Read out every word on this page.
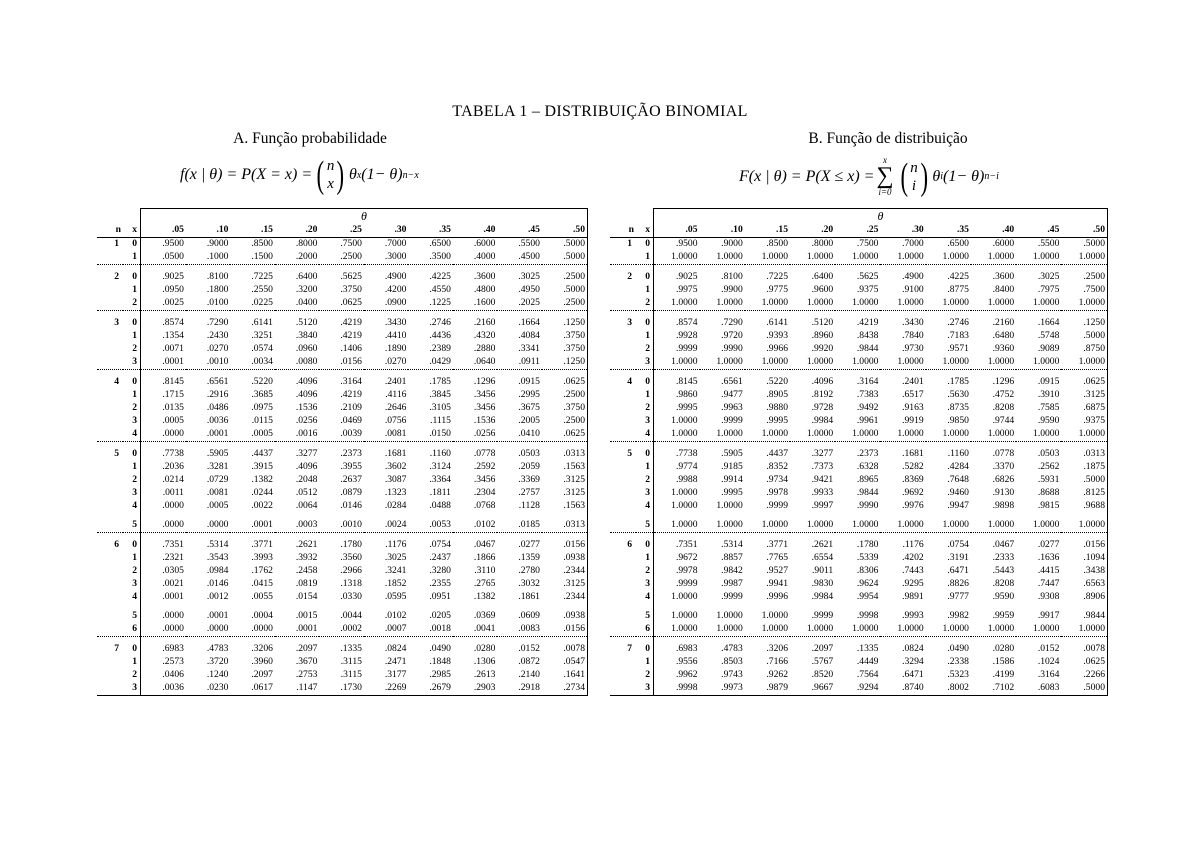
TABELA 1 – DISTRIBUIÇÃO BINOMIAL
A. Função probabilidade	B. Função de distribuição
f(x | θ) = P(X = x) = ( n
x ) θ x (1− θ) n−x	F(x | θ) = P(X ≤ x) =
x
∑
i=0 ( n
i ) θ i (1− θ) n−i
		θ									
n	x	.05	.10	.15	.20	.25	.30	.35	.40	.45	.50
1	0	.9500	.9000	.8500	.8000	.7500	.7000	.6500	.6000	.5500	.5000
	1	.0500	.1000	.1500	.2000	.2500	.3000	.3500	.4000	.4500	.5000

2	0	.9025	.8100	.7225	.6400	.5625	.4900	.4225	.3600	.3025	.2500
	1	.0950	.1800	.2550	.3200	.3750	.4200	.4550	.4800	.4950	.5000
	2	.0025	.0100	.0225	.0400	.0625	.0900	.1225	.1600	.2025	.2500

3	0	.8574	.7290	.6141	.5120	.4219	.3430	.2746	.2160	.1664	.1250
	1	.1354	.2430	.3251	.3840	.4219	.4410	.4436	.4320	.4084	.3750
	2	.0071	.0270	.0574	.0960	.1406	.1890	.2389	.2880	.3341	.3750
	3	.0001	.0010	.0034	.0080	.0156	.0270	.0429	.0640	.0911	.1250

4	0	.8145	.6561	.5220	.4096	.3164	.2401	.1785	.1296	.0915	.0625
	1	.1715	.2916	.3685	.4096	.4219	.4116	.3845	.3456	.2995	.2500
	2	.0135	.0486	.0975	.1536	.2109	.2646	.3105	.3456	.3675	.3750
	3	.0005	.0036	.0115	.0256	.0469	.0756	.1115	.1536	.2005	.2500
	4	.0000	.0001	.0005	.0016	.0039	.0081	.0150	.0256	.0410	.0625

5	0	.7738	.5905	.4437	.3277	.2373	.1681	.1160	.0778	.0503	.0313
	1	.2036	.3281	.3915	.4096	.3955	.3602	.3124	.2592	.2059	.1563
	2	.0214	.0729	.1382	.2048	.2637	.3087	.3364	.3456	.3369	.3125
	3	.0011	.0081	.0244	.0512	.0879	.1323	.1811	.2304	.2757	.3125
	4	.0000	.0005	.0022	.0064	.0146	.0284	.0488	.0768	.1128	.1563

	5	.0000	.0000	.0001	.0003	.0010	.0024	.0053	.0102	.0185	.0313

6	0	.7351	.5314	.3771	.2621	.1780	.1176	.0754	.0467	.0277	.0156
	1	.2321	.3543	.3993	.3932	.3560	.3025	.2437	.1866	.1359	.0938
	2	.0305	.0984	.1762	.2458	.2966	.3241	.3280	.3110	.2780	.2344
	3	.0021	.0146	.0415	.0819	.1318	.1852	.2355	.2765	.3032	.3125
	4	.0001	.0012	.0055	.0154	.0330	.0595	.0951	.1382	.1861	.2344

	5	.0000	.0001	.0004	.0015	.0044	.0102	.0205	.0369	.0609	.0938
	6	.0000	.0000	.0000	.0001	.0002	.0007	.0018	.0041	.0083	.0156

7	0	.6983	.4783	.3206	.2097	.1335	.0824	.0490	.0280	.0152	.0078
	1	.2573	.3720	.3960	.3670	.3115	.2471	.1848	.1306	.0872	.0547
	2	.0406	.1240	.2097	.2753	.3115	.3177	.2985	.2613	.2140	.1641
	3	.0036	.0230	.0617	.1147	.1730	.2269	.2679	.2903	.2918	.2734
		θ									
n	x	.05	.10	.15	.20	.25	.30	.35	.40	.45	.50
1	0	.9500	.9000	.8500	.8000	.7500	.7000	.6500	.6000	.5500	.5000
	1	1.0000	1.0000	1.0000	1.0000	1.0000	1.0000	1.0000	1.0000	1.0000	1.0000

2	0	.9025	.8100	.7225	.6400	.5625	.4900	.4225	.3600	.3025	.2500
	1	.9975	.9900	.9775	.9600	.9375	.9100	.8775	.8400	.7975	.7500
	2	1.0000	1.0000	1.0000	1.0000	1.0000	1.0000	1.0000	1.0000	1.0000	1.0000

3	0	.8574	.7290	.6141	.5120	.4219	.3430	.2746	.2160	.1664	.1250
	1	.9928	.9720	.9393	.8960	.8438	.7840	.7183	.6480	.5748	.5000
	2	.9999	.9990	.9966	.9920	.9844	.9730	.9571	.9360	.9089	.8750
	3	1.0000	1.0000	1.0000	1.0000	1.0000	1.0000	1.0000	1.0000	1.0000	1.0000

4	0	.8145	.6561	.5220	.4096	.3164	.2401	.1785	.1296	.0915	.0625
	1	.9860	.9477	.8905	.8192	.7383	.6517	.5630	.4752	.3910	.3125
	2	.9995	.9963	.9880	.9728	.9492	.9163	.8735	.8208	.7585	.6875
	3	1.0000	.9999	.9995	.9984	.9961	.9919	.9850	.9744	.9590	.9375
	4	1.0000	1.0000	1.0000	1.0000	1.0000	1.0000	1.0000	1.0000	1.0000	1.0000

5	0	.7738	.5905	.4437	.3277	.2373	.1681	.1160	.0778	.0503	.0313
	1	.9774	.9185	.8352	.7373	.6328	.5282	.4284	.3370	.2562	.1875
	2	.9988	.9914	.9734	.9421	.8965	.8369	.7648	.6826	.5931	.5000
	3	1.0000	.9995	.9978	.9933	.9844	.9692	.9460	.9130	.8688	.8125
	4	1.0000	1.0000	.9999	.9997	.9990	.9976	.9947	.9898	.9815	.9688

	5	1.0000	1.0000	1.0000	1.0000	1.0000	1.0000	1.0000	1.0000	1.0000	1.0000

6	0	.7351	.5314	.3771	.2621	.1780	.1176	.0754	.0467	.0277	.0156
	1	.9672	.8857	.7765	.6554	.5339	.4202	.3191	.2333	.1636	.1094
	2	.9978	.9842	.9527	.9011	.8306	.7443	.6471	.5443	.4415	.3438
	3	.9999	.9987	.9941	.9830	.9624	.9295	.8826	.8208	.7447	.6563
	4	1.0000	.9999	.9996	.9984	.9954	.9891	.9777	.9590	.9308	.8906

	5	1.0000	1.0000	1.0000	.9999	.9998	.9993	.9982	.9959	.9917	.9844
	6	1.0000	1.0000	1.0000	1.0000	1.0000	1.0000	1.0000	1.0000	1.0000	1.0000

7	0	.6983	.4783	.3206	.2097	.1335	.0824	.0490	.0280	.0152	.0078
	1	.9556	.8503	.7166	.5767	.4449	.3294	.2338	.1586	.1024	.0625
	2	.9962	.9743	.9262	.8520	.7564	.6471	.5323	.4199	.3164	.2266
	3	.9998	.9973	.9879	.9667	.9294	.8740	.8002	.7102	.6083	.5000
